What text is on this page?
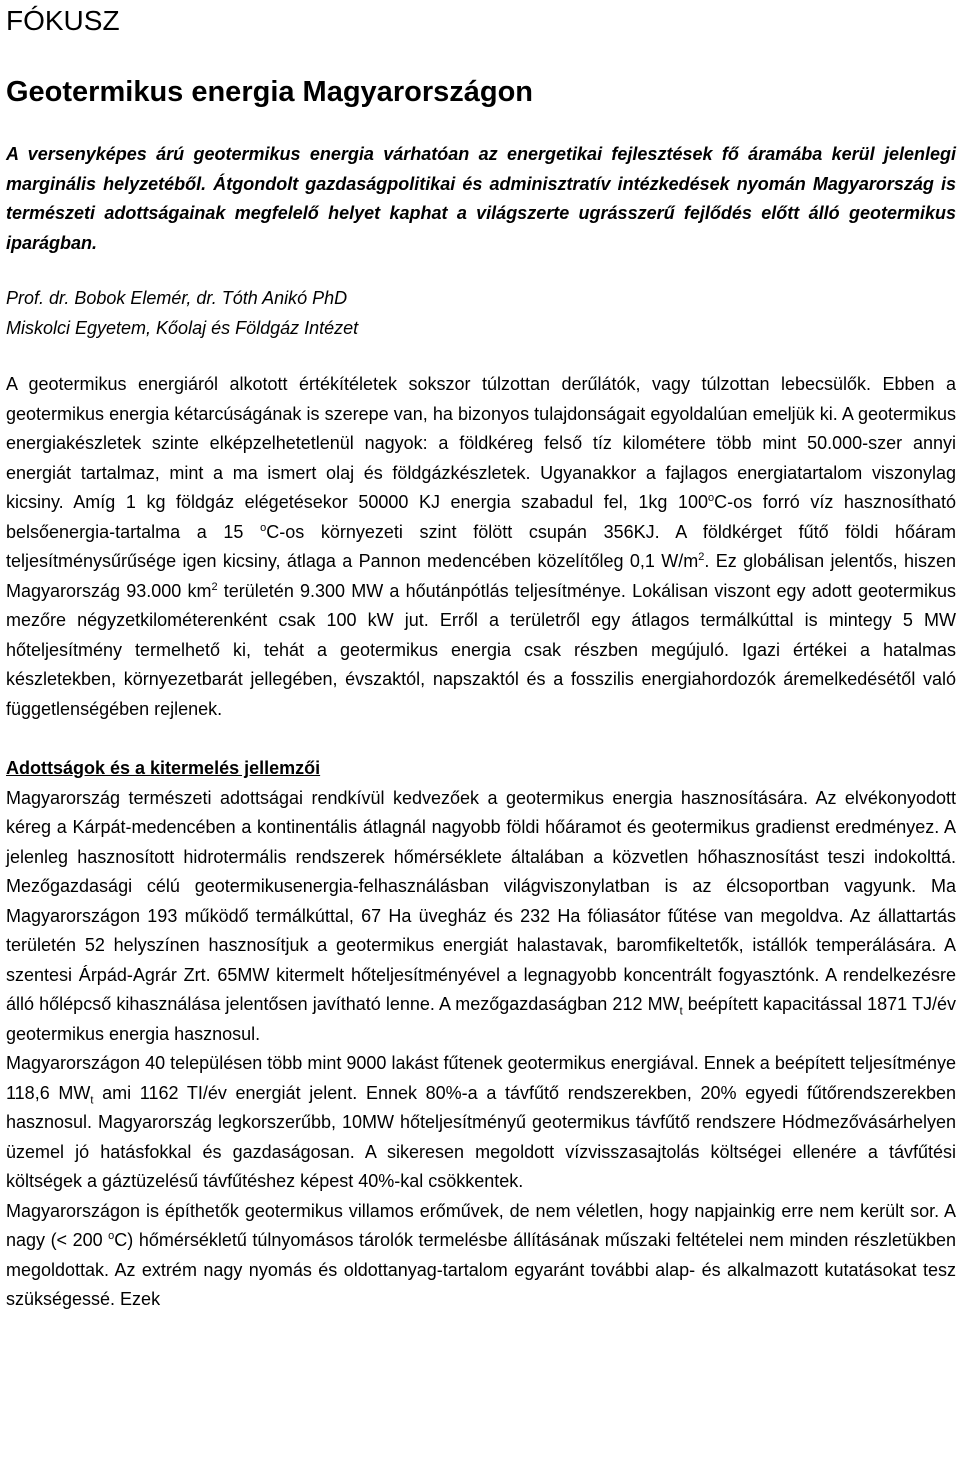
FÓKUSZ
Geotermikus energia Magyarországon

A versenyképes árú geotermikus energia várhatóan az energetikai fejlesztések fő áramába kerül jelenlegi marginális helyzetéből. Átgondolt gazdaságpolitikai és adminisztratív intézkedések nyomán Magyarország is természeti adottságainak megfelelő helyet kaphat a világszerte ugrásszerű fejlődés előtt álló geotermikus iparágban.

Prof. dr. Bobok Elemér, dr. Tóth Anikó PhD
Miskolci Egyetem, Kőolaj és Földgáz Intézet

A geotermikus energiáról alkotott értékítéletek sokszor túlzottan derűlátók, vagy túlzottan lebecsülők. Ebben a geotermikus energia kétarcúságának is szerepe van, ha bizonyos tulajdonságait egyoldalúan emeljük ki. A geotermikus energiakészletek szinte elképzelhetetlenül nagyok: a földkéreg felső tíz kilométere több mint 50.000-szer annyi energiát tartalmaz, mint a ma ismert olaj és földgázkészletek. Ugyanakkor a fajlagos energiatartalom viszonylag kicsiny. Amíg 1 kg földgáz elégetésekor 50000 KJ energia szabadul fel, 1kg 100$^o$C-os forró víz hasznosítható belsőenergia-tartalma a 15 $^o$C-os környezeti szint fölött csupán 356KJ. A földkérget fűtő földi hőáram teljesítménysűrűsége igen kicsiny, átlaga a Pannon medencében közelítőleg 0,1 $W/m^2$. Ez globálisan jelentős, hiszen Magyarország 93.000 $km^2$ területén 9.300 MW a hőutánpótlás teljesítménye. Lokálisan viszont egy adott geotermikus mezőre négyzetkilométerenként csak 100 kW jut. Erről a területről egy átlagos termálkúttal is mintegy 5 MW hőteljesítmény termelhető ki, tehát a geotermikus energia csak részben megújuló. Igazi értékei a hatalmas készletekben, környezetbarát jellegében, évszaktól, napszaktól és a fosszilis energiahordozók áremelkedésétől való függetlenségében rejlenek.

Adottságok és a kitermelés jellemzői

Magyarország természeti adottságai rendkívül kedvezőek a geotermikus energia hasznosítására. Az elvékonyodott kéreg a Kárpát-medencében a kontinentális átlagnál nagyobb földi hőáramot és geotermikus gradienst eredményez. A jelenleg hasznosított hidrotermális rendszerek hőmérséklete általában a közvetlen hőhasznosítást teszi indokolttá. Mezőgazdasági célú geotermikusenergia-felhasználásban világviszonylatban is az élcsoportban vagyunk. Ma Magyarországon 193 működő termálkúttal, 67 Ha üvegház és 232 Ha fóliasátor fűtése van megoldva. Az állattartás területén 52 helyszínen hasznosítjuk a geotermikus energiát halastavak, baromfikeltetők, istállók temperálására. A szentesi Árpád-Agrár Zrt. 65MW kitermelt hőteljesítményével a legnagyobb koncentrált fogyasztónk. A rendelkezésre álló hőlépcső kihasználása jelentősen javítható lenne. A mezőgazdaságban 212 $MW_t$ beépített kapacitással 1871 TJ/év geotermikus energia hasznosul.

Magyarországon 40 településen több mint 9000 lakást fűtenek geotermikus energiával. Ennek a beépített teljesítménye 118,6 $MW_t$ ami 1162 TI/év energiát jelent. Ennek 80%-a a távfűtő rendszerekben, 20% egyedi fűtőrendszerekben hasznosul. Magyarország legkorszerűbb, 10MW hőteljesítményű geotermikus távfűtő rendszere Hódmezővásárhelyen üzemel jó hatásfokkal és gazdaságosan. A sikeresen megoldott vízvisszasajtolás költségei ellenére a távfűtési költségek a gáztüzelésű távfűtéshez képest 40%-kal csökkentek.

Magyarországon is építhetők geotermikus villamos erőművek, de nem véletlen, hogy napjainkig erre nem került sor. A nagy (< 200 $^o$C) hőmérsékletű túlnyomásos tárolók termelésbe állításának műszaki feltételei nem minden részletükben megoldottak. Az extrém nagy nyomás és oldottanyag-tartalom egyaránt további alap- és alkalmazott kutatásokat tesz szükségessé. Ezek
